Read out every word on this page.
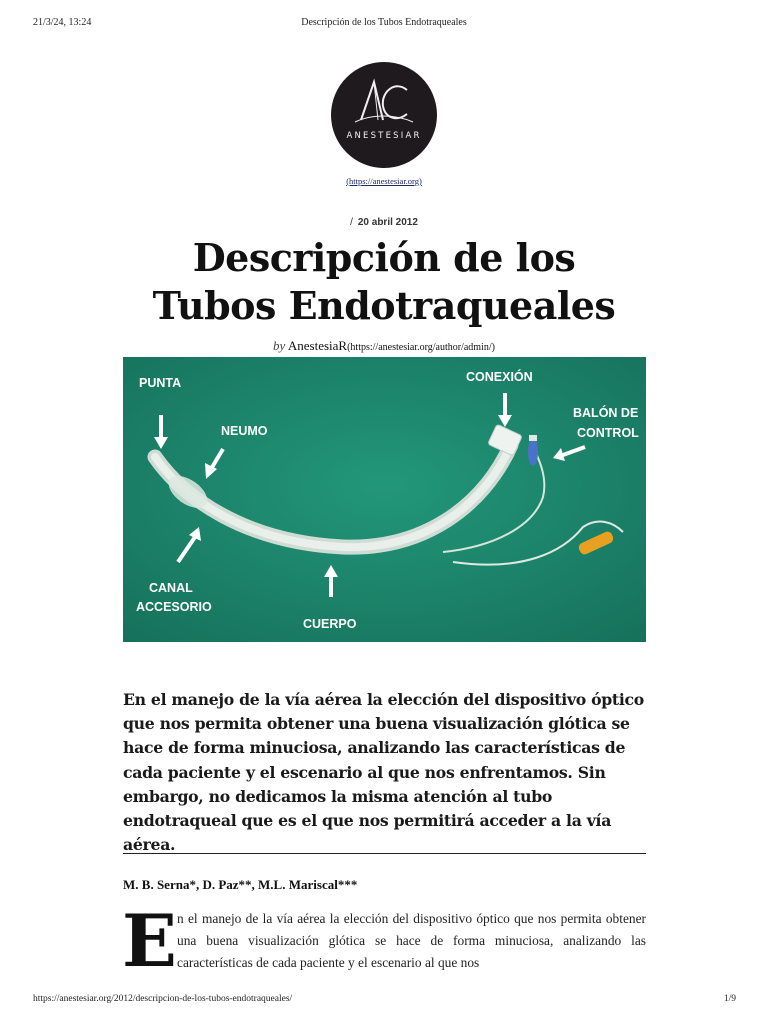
21/3/24, 13:24	Descripción de los Tubos Endotraqueales
ANESTESIAR
(https://anestesiar.org)
/ 20 abril 2012
Descripción de los
Tubos Endotraqueales
by AnestesiaR(https://anestesiar.org/author/admin/)
PUNTA
NEUMO
CONEXIÓN
BALÓN DE
CONTROL
CANAL
ACCESORIO
CUERPO

En el manejo de la vía aérea la elección del dispositivo óptico que nos permita obtener una buena visualización glótica se hace de forma minuciosa, analizando las características de cada paciente y el escenario al que nos enfrentamos. Sin embargo, no dedicamos la misma atención al tubo endotraqueal que es el que nos permitirá acceder a la vía aérea.

M. B. Serna*, D. Paz**, M.L. Mariscal***
E n el manejo de la vía aérea la elección del dispositivo óptico que nos permita obtener una buena visualización glótica se hace de forma minuciosa, analizando las características de cada paciente y el escenario al que nos

https://anestesiar.org/2012/descripcion-de-los-tubos-endotraqueales/	1/9
